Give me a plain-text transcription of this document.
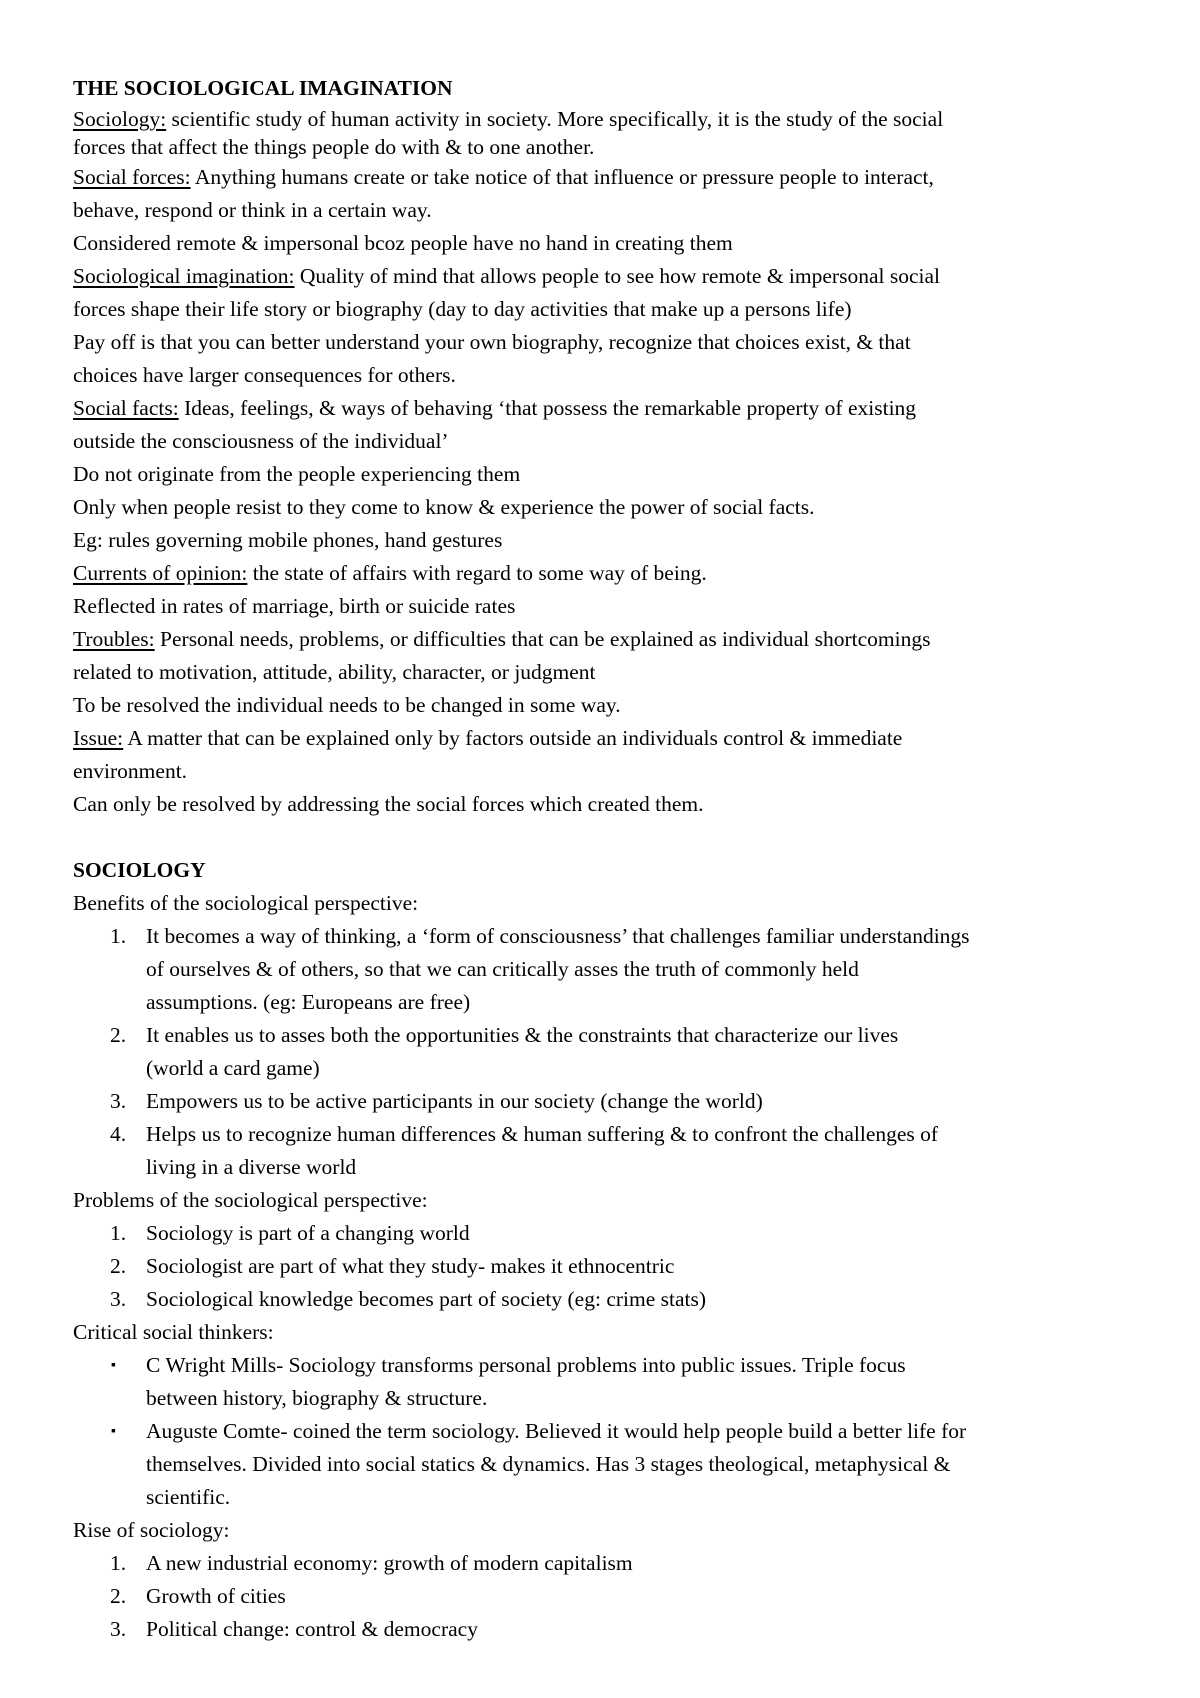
THE SOCIOLOGICAL IMAGINATION
Sociology: scientific study of human activity in society. More specifically, it is the study of the social
forces that affect the things people do with & to one another.
Social forces: Anything humans create or take notice of that influence or pressure people to interact,
behave, respond or think in a certain way.
Considered remote & impersonal bcoz people have no hand in creating them
Sociological imagination: Quality of mind that allows people to see how remote & impersonal social
forces shape their life story or biography (day to day activities that make up a persons life)
Pay off is that you can better understand your own biography, recognize that choices exist, & that
choices have larger consequences for others.
Social facts: Ideas, feelings, & ways of behaving ‘that possess the remarkable property of existing
outside the consciousness of the individual’
Do not originate from the people experiencing them
Only when people resist to they come to know & experience the power of social facts.
Eg: rules governing mobile phones, hand gestures
Currents of opinion: the state of affairs with regard to some way of being.
Reflected in rates of marriage, birth or suicide rates
Troubles: Personal needs, problems, or difficulties that can be explained as individual shortcomings
related to motivation, attitude, ability, character, or judgment
To be resolved the individual needs to be changed in some way.
Issue: A matter that can be explained only by factors outside an individuals control & immediate
environment.
Can only be resolved by addressing the social forces which created them.
SOCIOLOGY
Benefits of the sociological perspective:
1. It becomes a way of thinking, a ‘form of consciousness’ that challenges familiar understandings
of ourselves & of others, so that we can critically asses the truth of commonly held
assumptions. (eg: Europeans are free)
2. It enables us to asses both the opportunities & the constraints that characterize our lives
(world a card game)
3. Empowers us to be active participants in our society (change the world)
4. Helps us to recognize human differences & human suffering & to confront the challenges of
living in a diverse world
Problems of the sociological perspective:
1. Sociology is part of a changing world
2. Sociologist are part of what they study- makes it ethnocentric
3. Sociological knowledge becomes part of society (eg: crime stats)
Critical social thinkers:
▪ C Wright Mills- Sociology transforms personal problems into public issues. Triple focus
between history, biography & structure.
▪ Auguste Comte- coined the term sociology. Believed it would help people build a better life for
themselves. Divided into social statics & dynamics. Has 3 stages theological, metaphysical &
scientific.
Rise of sociology:
1. A new industrial economy: growth of modern capitalism
2. Growth of cities
3. Political change: control & democracy
